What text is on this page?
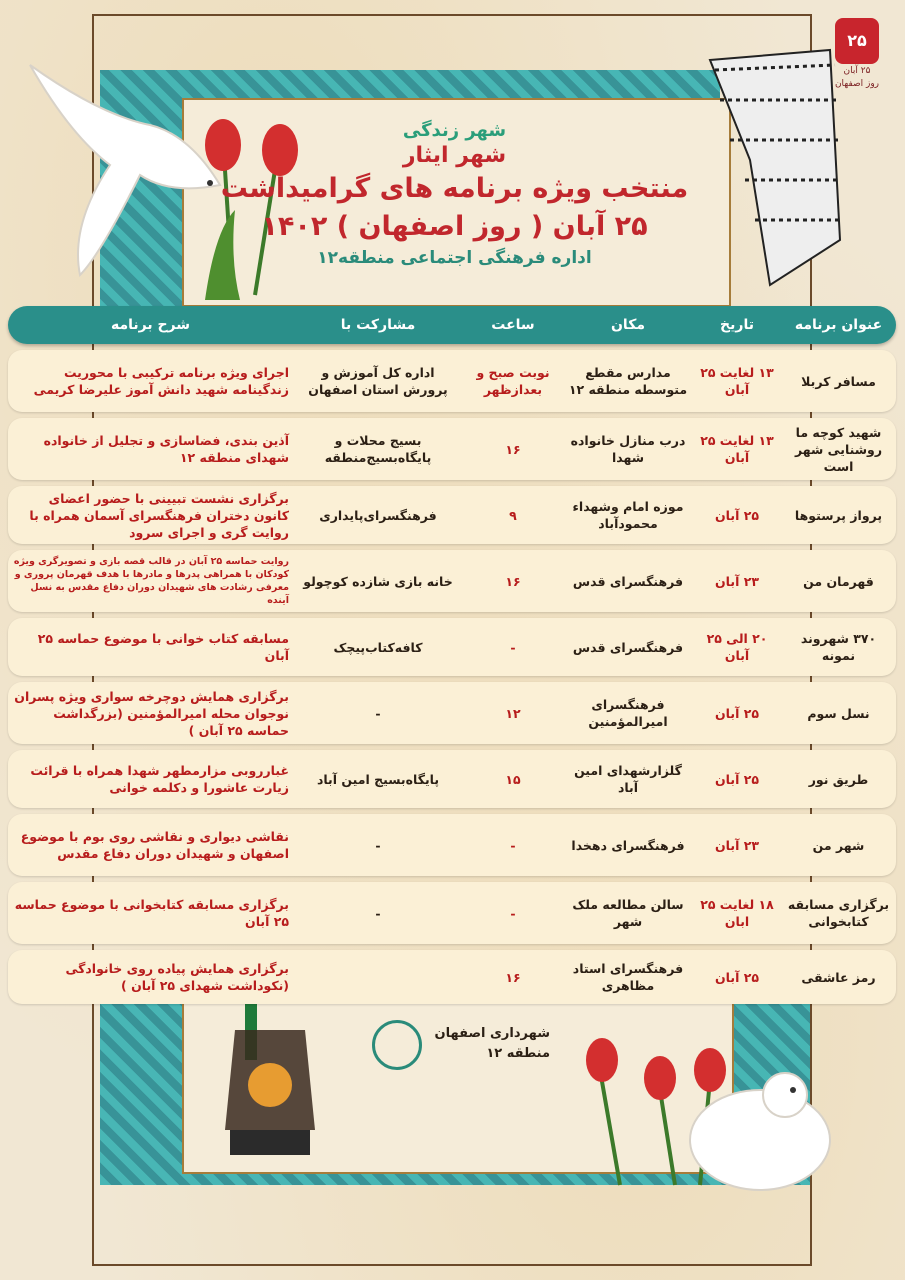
۲۵
۲۵ آبان
روز اصفهان
شهر زندگی
شهر ایثار
منتخب ویژه برنامه های گرامیداشت
۲۵ آبان ( روز اصفهان ) ۱۴۰۲
اداره فرهنگی اجتماعی منطقه۱۲
عنوان برنامه
تاریخ
مکان
ساعت
مشارکت با
شرح برنامه
مسافر کربلا
۱۳ لغایت ۲۵ آبان
مدارس مقطع متوسطه منطقه ۱۲
نوبت صبح و بعدازظهر
اداره کل آموزش و پرورش استان اصفهان
اجرای ویژه برنامه ترکیبی با محوریت زندگینامه شهید دانش آموز علیرضا کریمی
شهید کوچه ما روشنایی شهر است
۱۳ لغایت ۲۵ آبان
درب منازل خانواده شهدا
۱۶
بسیج محلات و پایگاه‌بسیج‌منطقه
آذین بندی، فضاسازی و تجلیل از خانواده شهدای منطقه ۱۲
پرواز پرستوها
۲۵ آبان
موزه امام وشهداء محمودآباد
۹
فرهنگسرای‌پایداری
برگزاری نشست تبیینی با حضور اعضای کانون دختران فرهنگسرای آسمان همراه با روایت گری و اجرای سرود
قهرمان من
۲۳ آبان
فرهنگسرای قدس
۱۶
خانه بازی شازده کوچولو
روایت حماسه ۲۵ آبان در قالب قصه بازی و تصویرگری ویژه کودکان با همراهی پدرها و مادرها با هدف قهرمان پروری و معرفی رشادت های شهیدان دوران دفاع مقدس به نسل آینده
۳۷۰ شهروند نمونه
۲۰ الی ۲۵ آبان
فرهنگسرای قدس
-
کافه‌کتاب‌پیچک
مسابقه کتاب خوانی با موضوع حماسه ۲۵ آبان
نسل سوم
۲۵ آبان
فرهنگسرای امیرالمؤمنین
۱۲
-
برگزاری همایش دوچرخه سواری ویژه پسران نوجوان محله امیرالمؤمنین (بزرگداشت حماسه ۲۵ آبان )
طریق نور
۲۵ آبان
گلزارشهدای امین آباد
۱۵
پایگاه‌بسیج امین آباد
غبارروبی مزارمطهر شهدا همراه با قرائت زیارت عاشورا و دکلمه خوانی
شهر من
۲۳ آبان
فرهنگسرای دهخدا
-
-
نقاشی دیواری و نقاشی روی بوم با موضوع اصفهان و شهیدان دوران دفاع مقدس
برگزاری مسابقه کتابخوانی
۱۸ لغایت ۲۵ ابان
سالن مطالعه ملک شهر
-
-
برگزاری مسابقه کتابخوانی با موضوع حماسه ۲۵ آبان
رمز عاشقی
۲۵ آبان
فرهنگسرای استاد مظاهری
۱۶
برگزاری همایش پیاده روی خانوادگی (نکوداشت شهدای ۲۵ آبان )
شهرداری اصفهان
منطقه ۱۲
